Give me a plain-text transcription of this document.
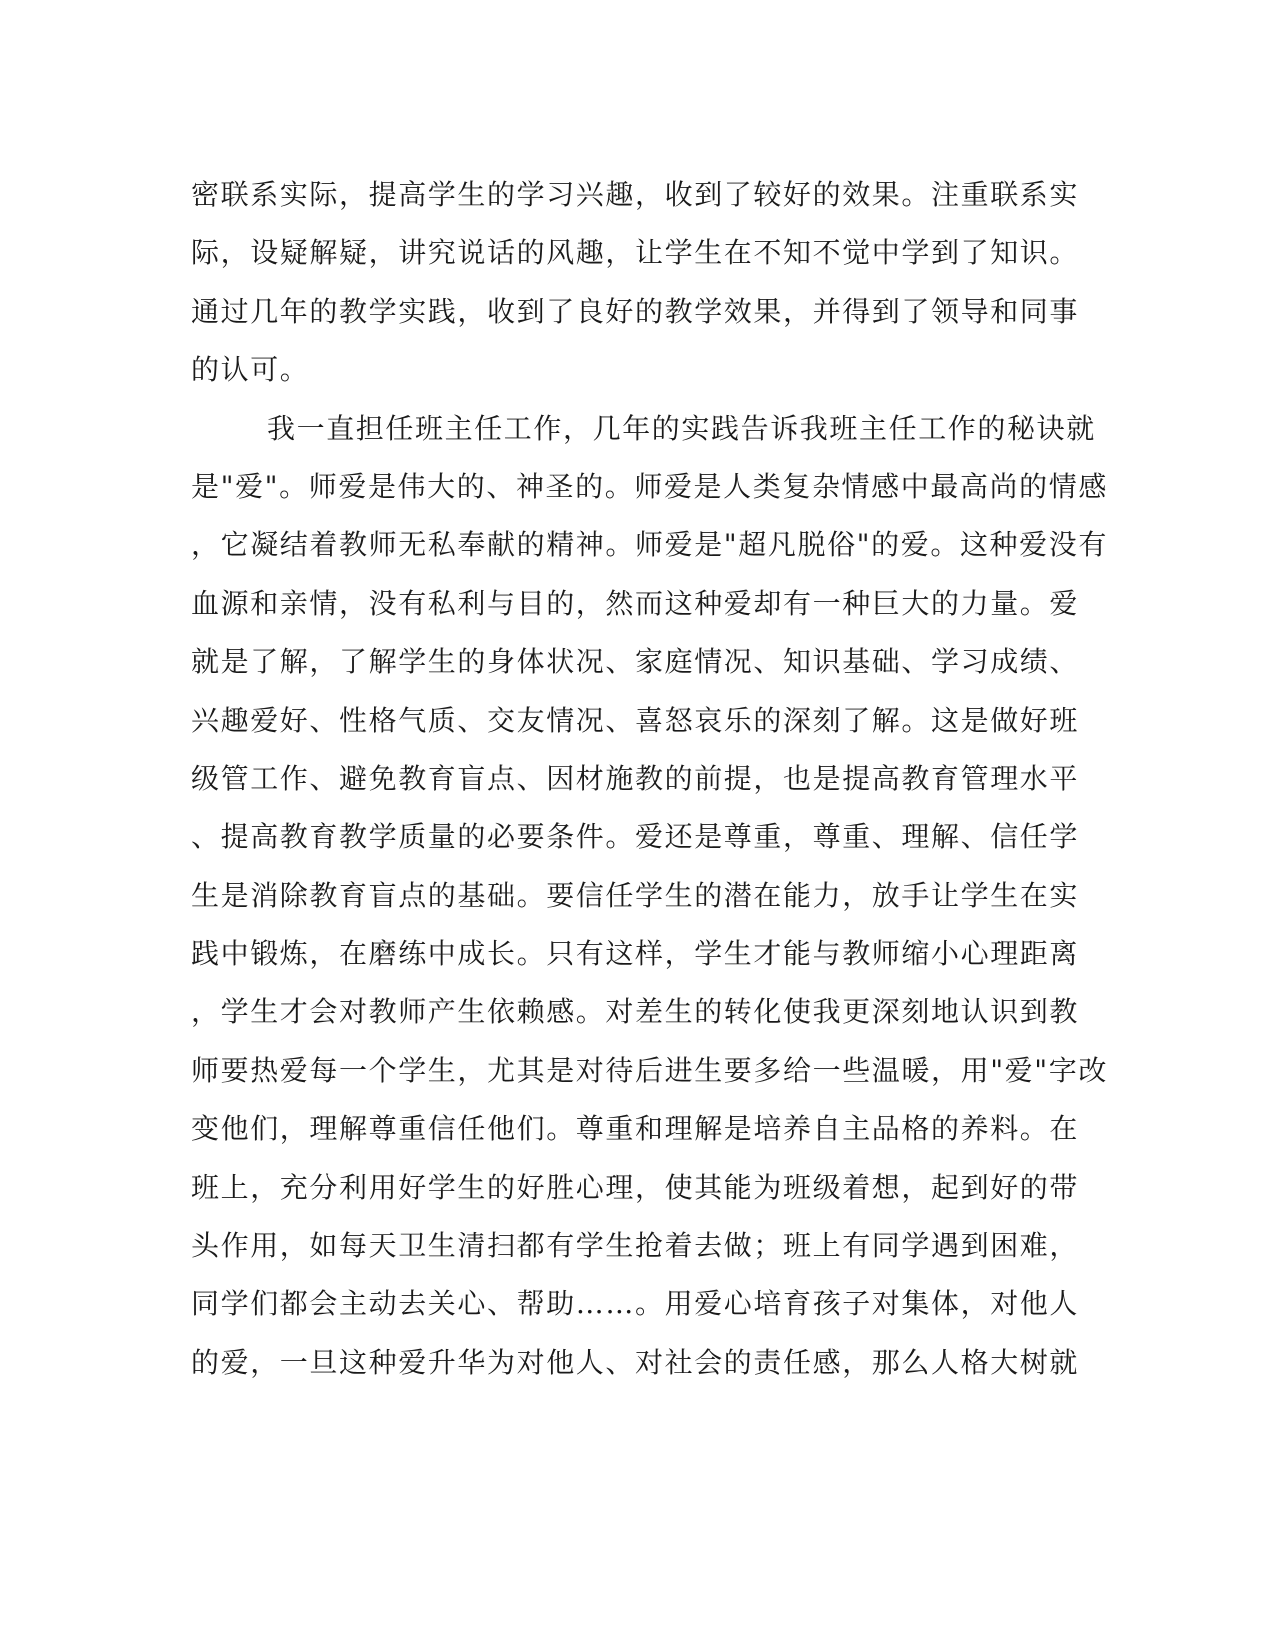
密联系实际，提高学生的学习兴趣，收到了较好的效果。注重联系实
际，设疑解疑，讲究说话的风趣，让学生在不知不觉中学到了知识。
通过几年的教学实践，收到了良好的教学效果，并得到了领导和同事
的认可。
我一直担任班主任工作，几年的实践告诉我班主任工作的秘诀就
是"爱"。师爱是伟大的、神圣的。师爱是人类复杂情感中最高尚的情感
，它凝结着教师无私奉献的精神。师爱是"超凡脱俗"的爱。这种爱没有
血源和亲情，没有私利与目的，然而这种爱却有一种巨大的力量。爱
就是了解，了解学生的身体状况、家庭情况、知识基础、学习成绩、
兴趣爱好、性格气质、交友情况、喜怒哀乐的深刻了解。这是做好班
级管工作、避免教育盲点、因材施教的前提，也是提高教育管理水平
、提高教育教学质量的必要条件。爱还是尊重，尊重、理解、信任学
生是消除教育盲点的基础。要信任学生的潜在能力，放手让学生在实
践中锻炼，在磨练中成长。只有这样，学生才能与教师缩小心理距离
，学生才会对教师产生依赖感。对差生的转化使我更深刻地认识到教
师要热爱每一个学生，尤其是对待后进生要多给一些温暖，用"爱"字改
变他们，理解尊重信任他们。尊重和理解是培养自主品格的养料。在
班上，充分利用好学生的好胜心理，使其能为班级着想，起到好的带
头作用，如每天卫生清扫都有学生抢着去做；班上有同学遇到困难，
同学们都会主动去关心、帮助……。用爱心培育孩子对集体，对他人
的爱，一旦这种爱升华为对他人、对社会的责任感，那么人格大树就
